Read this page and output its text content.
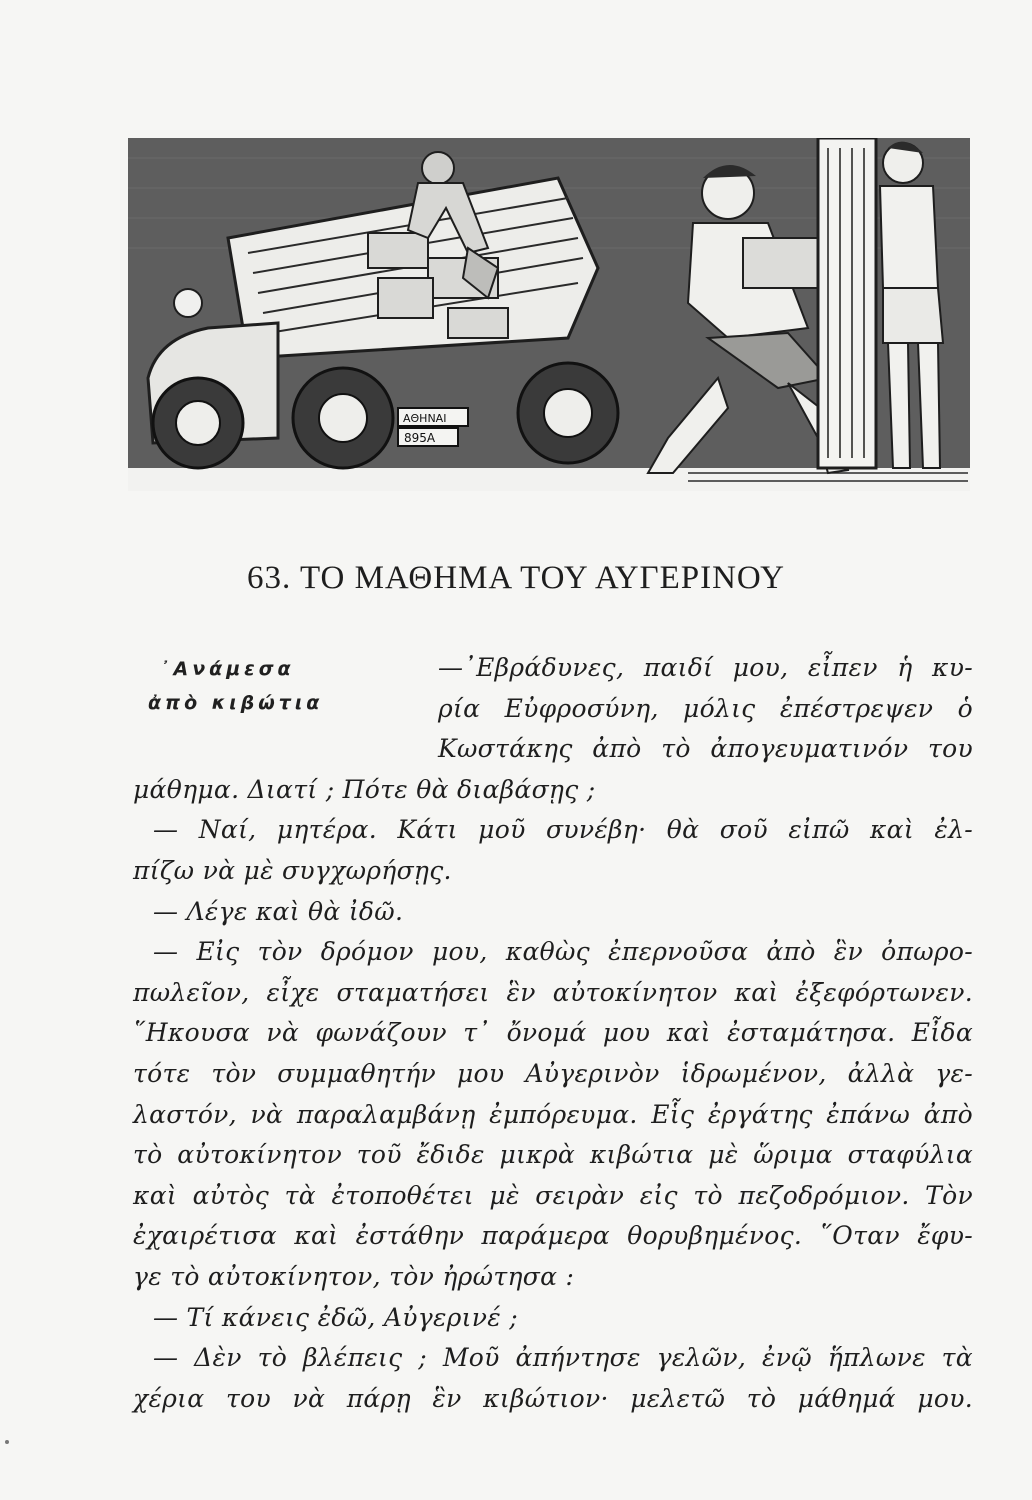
ΑΘΗΝΑΙ
895Α
63. ΤΟ ΜΑΘΗΜΑ ΤΟΥ ΑΥΓΕΡΙΝΟΥ
᾿Ανάμεσα
ἀπὸ κιβώτια
—᾿Εβράδυνες, παιδί μου, εἶπεν ἡ κυ-
ρία Εὐφροσύνη, μόλις ἐπέστρεψεν ὁ
Κωστάκης ἀπὸ τὸ ἀπογευματινόν του
μάθημα. Διατί ; Πότε θὰ διαβάσῃς ;
— Ναί, μητέρα. Κάτι μοῦ συνέβη· θὰ σοῦ εἰπῶ καὶ ἐλ-
πίζω νὰ μὲ συγχωρήσῃς.
— Λέγε καὶ θὰ ἰδῶ.
— Εἰς τὸν δρόμον μου, καθὼς ἐπερνοῦσα ἀπὸ ἓν ὀπωρο-
πωλεῖον, εἶχε σταματήσει ἓν αὐτοκίνητον καὶ ἐξεφόρτωνεν.
῞Ηκουσα νὰ φωνάζουν τ᾿ ὄνομά μου καὶ ἐσταμάτησα. Εἶδα
τότε τὸν συμμαθητήν μου Αὐγερινὸν ἱδρωμένον, ἀλλὰ γε-
λαστόν, νὰ παραλαμβάνῃ ἐμπόρευμα. Εἷς ἐργάτης ἐπάνω ἀπὸ
τὸ αὐτοκίνητον τοῦ ἔδιδε μικρὰ κιβώτια μὲ ὥριμα σταφύλια
καὶ αὐτὸς τὰ ἐτοποθέτει μὲ σειρὰν εἰς τὸ πεζοδρόμιον. Τὸν
ἐχαιρέτισα καὶ ἐστάθην παράμερα θορυβημένος. ῞Οταν ἔφυ-
γε τὸ αὐτοκίνητον, τὸν ἠρώτησα :
— Τί κάνεις ἐδῶ, Αὐγερινέ ;
— Δὲν τὸ βλέπεις ; Μοῦ ἀπήντησε γελῶν, ἐνῷ ἥπλωνε τὰ
χέρια του νὰ πάρῃ ἓν κιβώτιον· μελετῶ τὸ μάθημά μου.
